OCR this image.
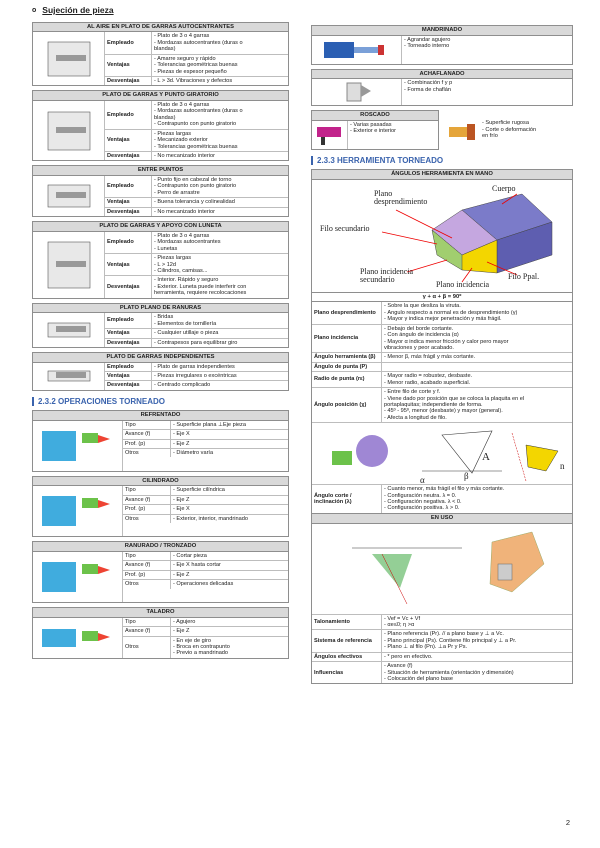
o Sujeción de pieza
AL AIRE EN PLATO DE GARRAS AUTOCENTRANTES
Empleado
- Plato de 3 o 4 garras
- Mordazas autocentrantes (duras o
blandas)
Ventajas
- Amarre seguro y rápido
- Tolerancias geométricas buenas
- Piezas de espesor pequeño
Desventajas	- L > 3d. Vibraciones y defectos
PLATO DE GARRAS Y PUNTO GIRATORIO
Empleado
- Plato de 3 o 4 garras
- Mordazas autocentrantes (duras o
blandas)
- Contrapunto con punto giratorio
Ventajas
- Piezas largas
- Mecanizado exterior
- Tolerancias geométricas buenas
Desventajas	- No mecanizado interior
ENTRE PUNTOS
Empleado
- Punto fijo en cabezal de torno
- Contrapunto con punto giratorio
- Perro de arrastre
Ventajas	- Buena tolerancia y colinealidad
Desventajas	- No mecanizado interior
PLATO DE GARRAS Y APOYO CON LUNETA
Empleado
- Plato de 3 o 4 garras
- Mordazas autocentrantes
- Lunetas
Ventajas
- Piezas largas
- L > 12d
- Cilindros, camisas...
Desventajas
- Interior. Rápido y seguro
- Exterior. Luneta puede interferir con
herramienta, requiere recolocaciones
PLATO PLANO DE RANURAS
Empleado
- Bridas
- Elementos de tornillería
Ventajas	- Cualquier utillaje o pieza
Desventajas	- Contrapesos para equilibrar giro
PLATO DE GARRAS INDEPENDIENTES
Empleado	- Plato de garras independientes
Ventajas	- Piezas irregulares o excéntricas
Desventajas	- Centrado complicado
2.3.2 OPERACIONES TORNEADO
REFRENTADO
Tipo	- Superficie plana ⊥Eje pieza
Avance (f)	- Eje X
Prof. (p)	- Eje Z
Otros	- Diámetro varía
CILINDRADO
Tipo	- Superficie cilíndrica
Avance (f)	- Eje Z
Prof. (p)	- Eje X
Otros	- Exterior, interior, mandrinado
RANURADO / TRONZADO
Tipo	- Cortar pieza
Avance (f)	- Eje X hasta cortar
Prof. (p)	- Eje Z
Otros	- Operaciones delicadas
TALADRO
Tipo	- Agujero
Avance (f)	- Eje Z
Otros
- En eje de giro
- Broca en contrapunto
- Previo a mandrinado
MANDRINADO
- Agrandar agujero
- Torneado interno
ACHAFLANADO
- Combinación f y p
- Forma de chaflán
ROSCADO
- Varias pasadas
- Exterior e interior
- Superficie rugosa
- Corte o deformación
en frío
2.3.3 HERRAMIENTA TORNEADO
ÁNGULOS HERRAMIENTA EN MANO
Plano
desprendimiento
Cuerpo
Filo secundario
Plano incidencia
secundario	Filo Ppal.
Plano incidencia
γ + α + β = 90º
Plano desprendimiento
- Sobre la que desliza la viruta.
- Ángulo respecto a normal es de desprendimiento (γ)
- Mayor γ indica mejor penetración y más frágil.
Plano incidencia
- Debajo del borde cortante.
- Con ángulo de incidencia (α)
- Mayor α indica menor fricción y calor pero mayor
vibraciones y peor acabado.
Ángulo herramienta (β)	- Menor β, más frágil y más cortante.
Ángulo de punta (P)
Radio de punta (rε)
- Mayor radio = robustez, desbaste.
- Menor radio, acabado superficial.
Ángulo posición (χ)
- Entre filo de corte y f.
- Viene dado por posición que se coloca la plaquita en el
portaplaquitas; independiente de forma.
- 45º - 95º, menor (desbaste) y mayor (general).
- Afecta a longitud de filo.
A
β
α
n
Ángulo corte / inclinación (λ)
- Cuanto menor, más frágil el filo y más cortante.
- Configuración neutra. λ = 0.
- Configuración negativa. λ < 0.
- Configuración positiva. λ > 0.
EN USO
Talonamiento
- Vef = Vc + Vf
- αe≤0; η >α
Sistema de referencia
- Plano referencia (Pr). // a plano base y ⊥ a Vc.
- Plano principal (Ps). Contiene filo principal y ⊥ a Pr.
- Plano ⊥ al filo (Pn). ⊥a Pr y Ps.
Ángulos efectivos	- * pero en efectivo.
Influencias
- Avance (f)
- Situación de herramienta (orientación y dimensión)
- Colocación del plano base
2
